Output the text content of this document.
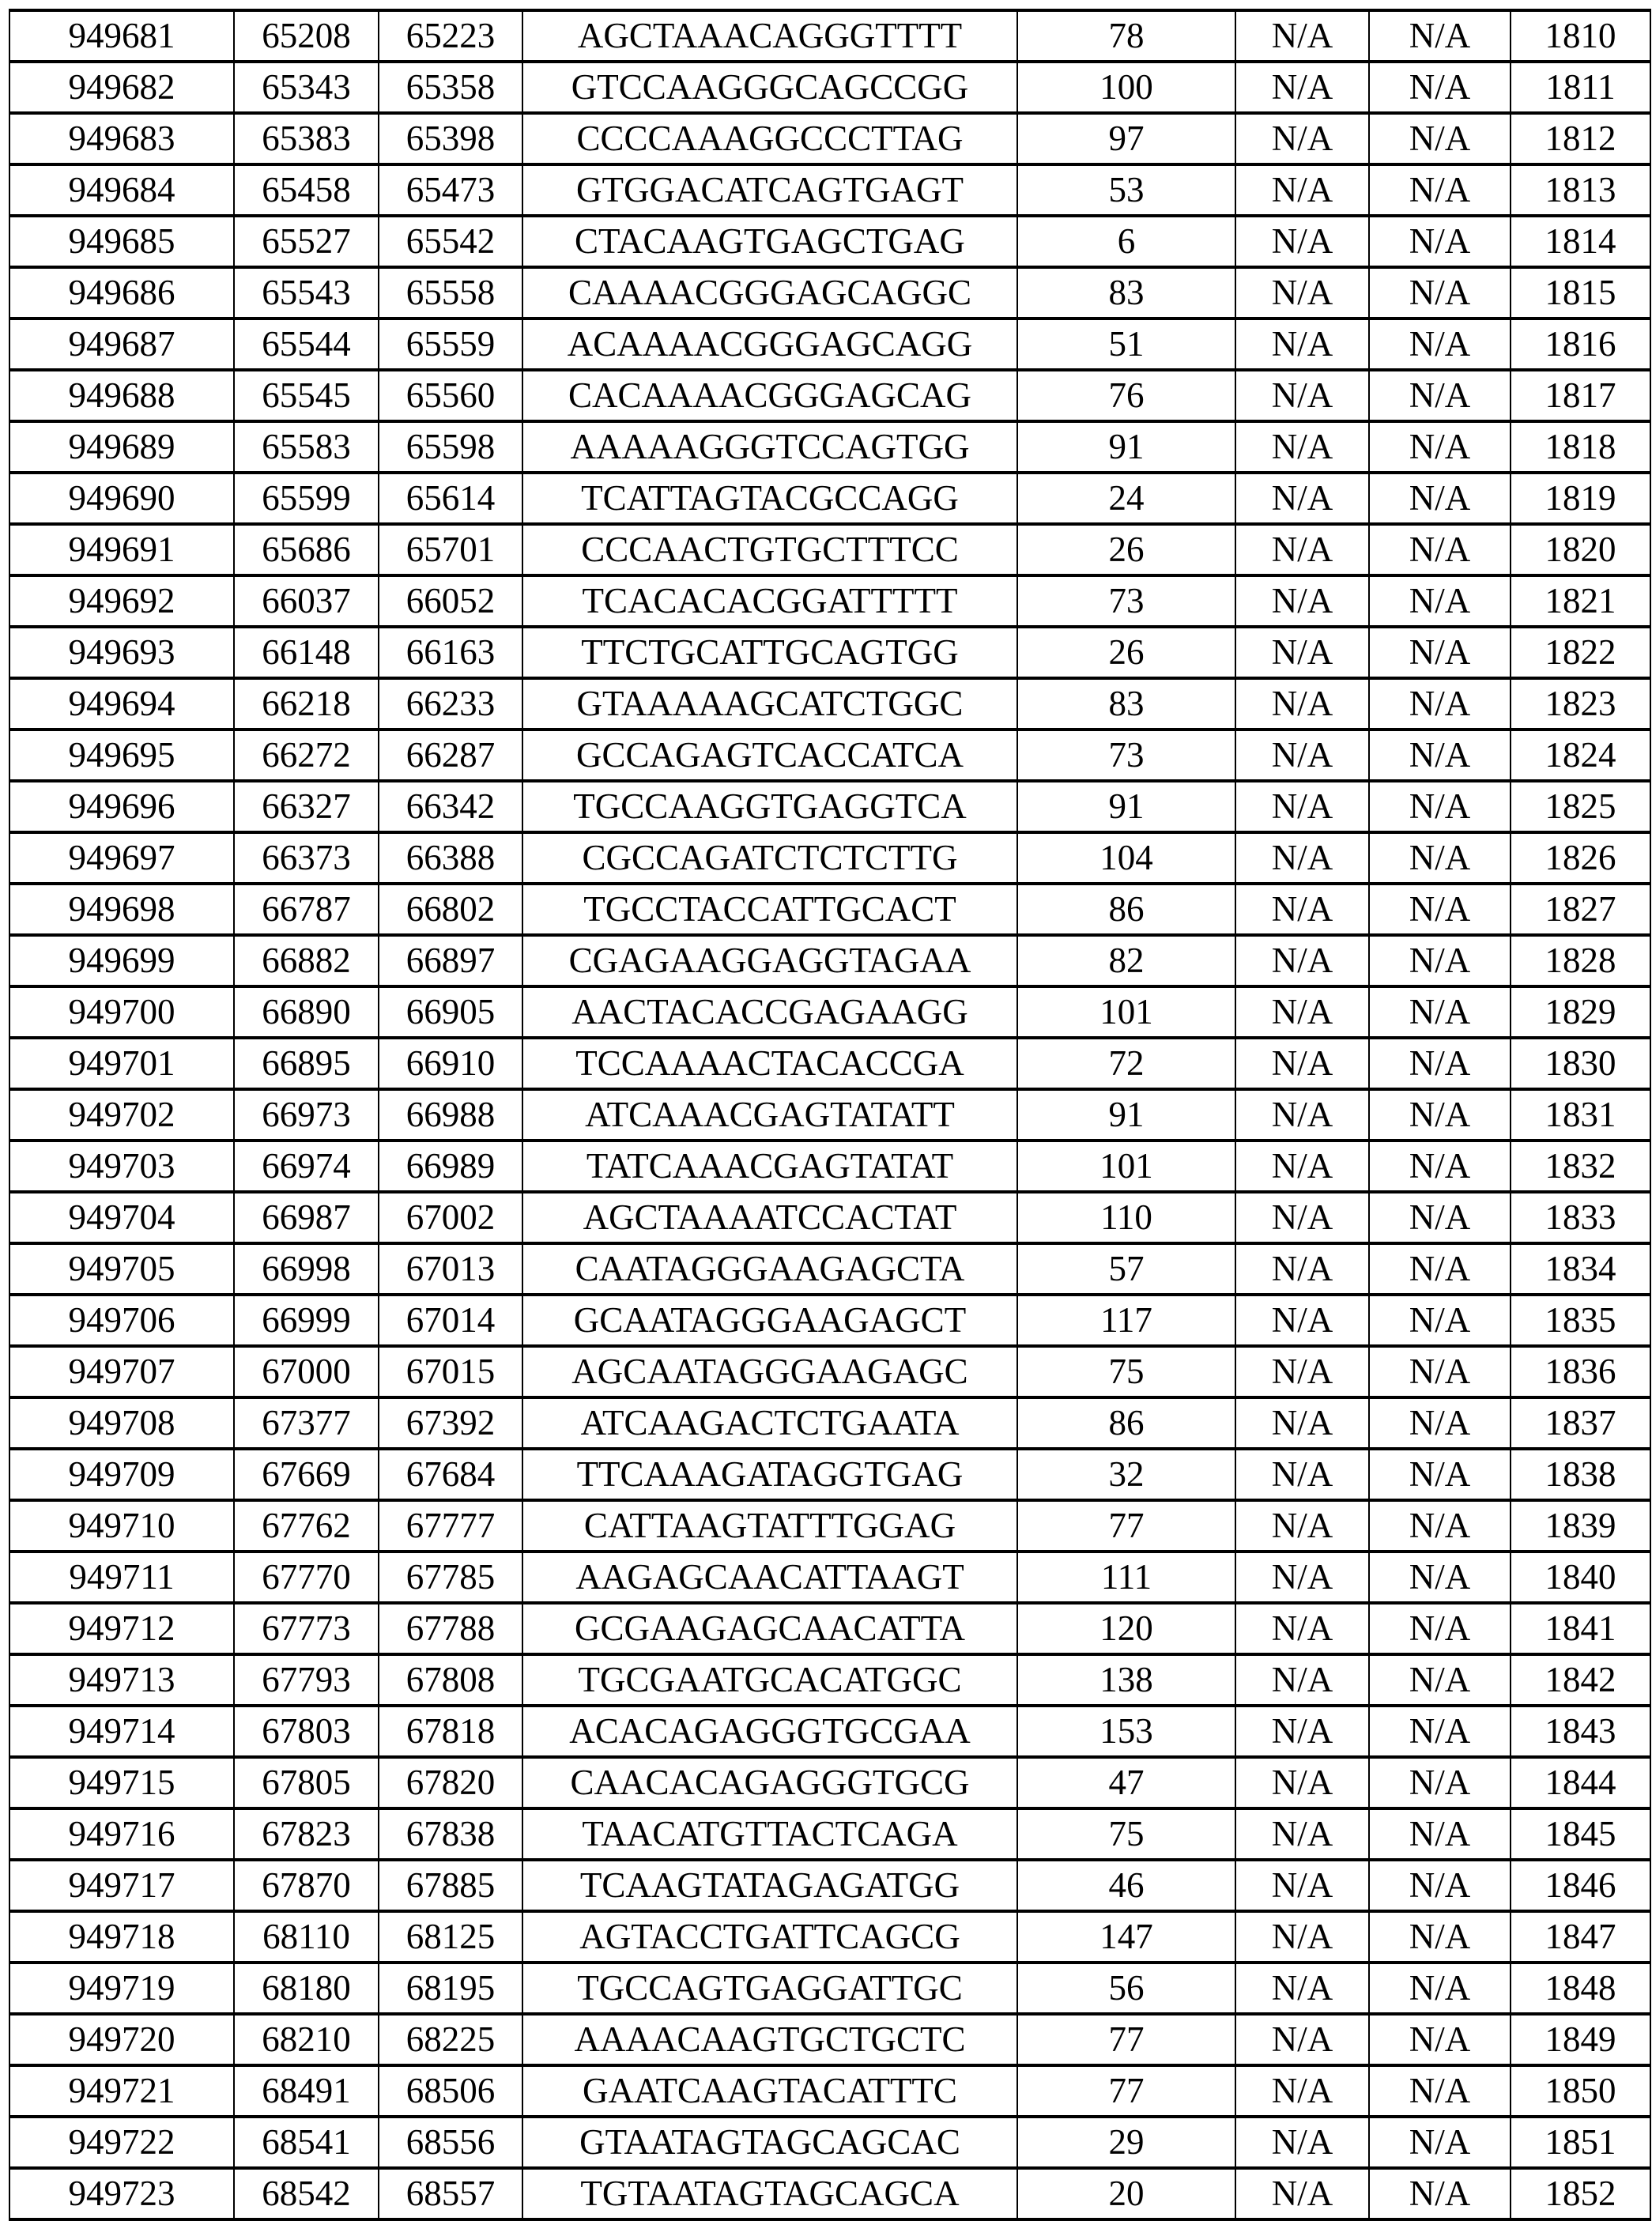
949681	65208	65223	AGCTAAACAGGGTTTT	78	N/A	N/A	1810
949682	65343	65358	GTCCAAGGGCAGCCGG	100	N/A	N/A	1811
949683	65383	65398	CCCCAAAGGCCCTTAG	97	N/A	N/A	1812
949684	65458	65473	GTGGACATCAGTGAGT	53	N/A	N/A	1813
949685	65527	65542	CTACAAGTGAGCTGAG	6	N/A	N/A	1814
949686	65543	65558	CAAAACGGGAGCAGGC	83	N/A	N/A	1815
949687	65544	65559	ACAAAACGGGAGCAGG	51	N/A	N/A	1816
949688	65545	65560	CACAAAACGGGAGCAG	76	N/A	N/A	1817
949689	65583	65598	AAAAAGGGTCCAGTGG	91	N/A	N/A	1818
949690	65599	65614	TCATTAGTACGCCAGG	24	N/A	N/A	1819
949691	65686	65701	CCCAACTGTGCTTTCC	26	N/A	N/A	1820
949692	66037	66052	TCACACACGGATTTTT	73	N/A	N/A	1821
949693	66148	66163	TTCTGCATTGCAGTGG	26	N/A	N/A	1822
949694	66218	66233	GTAAAAAGCATCTGGC	83	N/A	N/A	1823
949695	66272	66287	GCCAGAGTCACCATCA	73	N/A	N/A	1824
949696	66327	66342	TGCCAAGGTGAGGTCA	91	N/A	N/A	1825
949697	66373	66388	CGCCAGATCTCTCTTG	104	N/A	N/A	1826
949698	66787	66802	TGCCTACCATTGCACT	86	N/A	N/A	1827
949699	66882	66897	CGAGAAGGAGGTAGAA	82	N/A	N/A	1828
949700	66890	66905	AACTACACCGAGAAGG	101	N/A	N/A	1829
949701	66895	66910	TCCAAAACTACACCGA	72	N/A	N/A	1830
949702	66973	66988	ATCAAACGAGTATATT	91	N/A	N/A	1831
949703	66974	66989	TATCAAACGAGTATAT	101	N/A	N/A	1832
949704	66987	67002	AGCTAAAATCCACTAT	110	N/A	N/A	1833
949705	66998	67013	CAATAGGGAAGAGCTA	57	N/A	N/A	1834
949706	66999	67014	GCAATAGGGAAGAGCT	117	N/A	N/A	1835
949707	67000	67015	AGCAATAGGGAAGAGC	75	N/A	N/A	1836
949708	67377	67392	ATCAAGACTCTGAATA	86	N/A	N/A	1837
949709	67669	67684	TTCAAAGATAGGTGAG	32	N/A	N/A	1838
949710	67762	67777	CATTAAGTATTTGGAG	77	N/A	N/A	1839
949711	67770	67785	AAGAGCAACATTAAGT	111	N/A	N/A	1840
949712	67773	67788	GCGAAGAGCAACATTA	120	N/A	N/A	1841
949713	67793	67808	TGCGAATGCACATGGC	138	N/A	N/A	1842
949714	67803	67818	ACACAGAGGGTGCGAA	153	N/A	N/A	1843
949715	67805	67820	CAACACAGAGGGTGCG	47	N/A	N/A	1844
949716	67823	67838	TAACATGTTACTCAGA	75	N/A	N/A	1845
949717	67870	67885	TCAAGTATAGAGATGG	46	N/A	N/A	1846
949718	68110	68125	AGTACCTGATTCAGCG	147	N/A	N/A	1847
949719	68180	68195	TGCCAGTGAGGATTGC	56	N/A	N/A	1848
949720	68210	68225	AAAACAAGTGCTGCTC	77	N/A	N/A	1849
949721	68491	68506	GAATCAAGTACATTTC	77	N/A	N/A	1850
949722	68541	68556	GTAATAGTAGCAGCAC	29	N/A	N/A	1851
949723	68542	68557	TGTAATAGTAGCAGCA	20	N/A	N/A	1852
